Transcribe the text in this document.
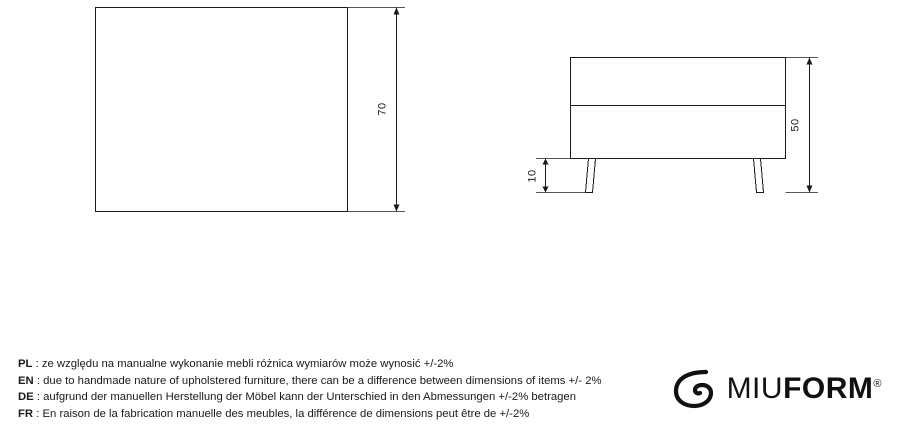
70
50
10
PL : ze względu na manualne wykonanie mebli różnica wymiarów może wynosić +/-2%
EN : due to handmade nature of upholstered furniture, there can be a difference between dimensions of items +/- 2%
DE : aufgrund der manuellen Herstellung der Möbel kann der Unterschied in den Abmessungen +/-2% betragen
FR : En raison de la fabrication manuelle des meubles, la différence de dimensions peut être de +/-2%
MIUFORM®
